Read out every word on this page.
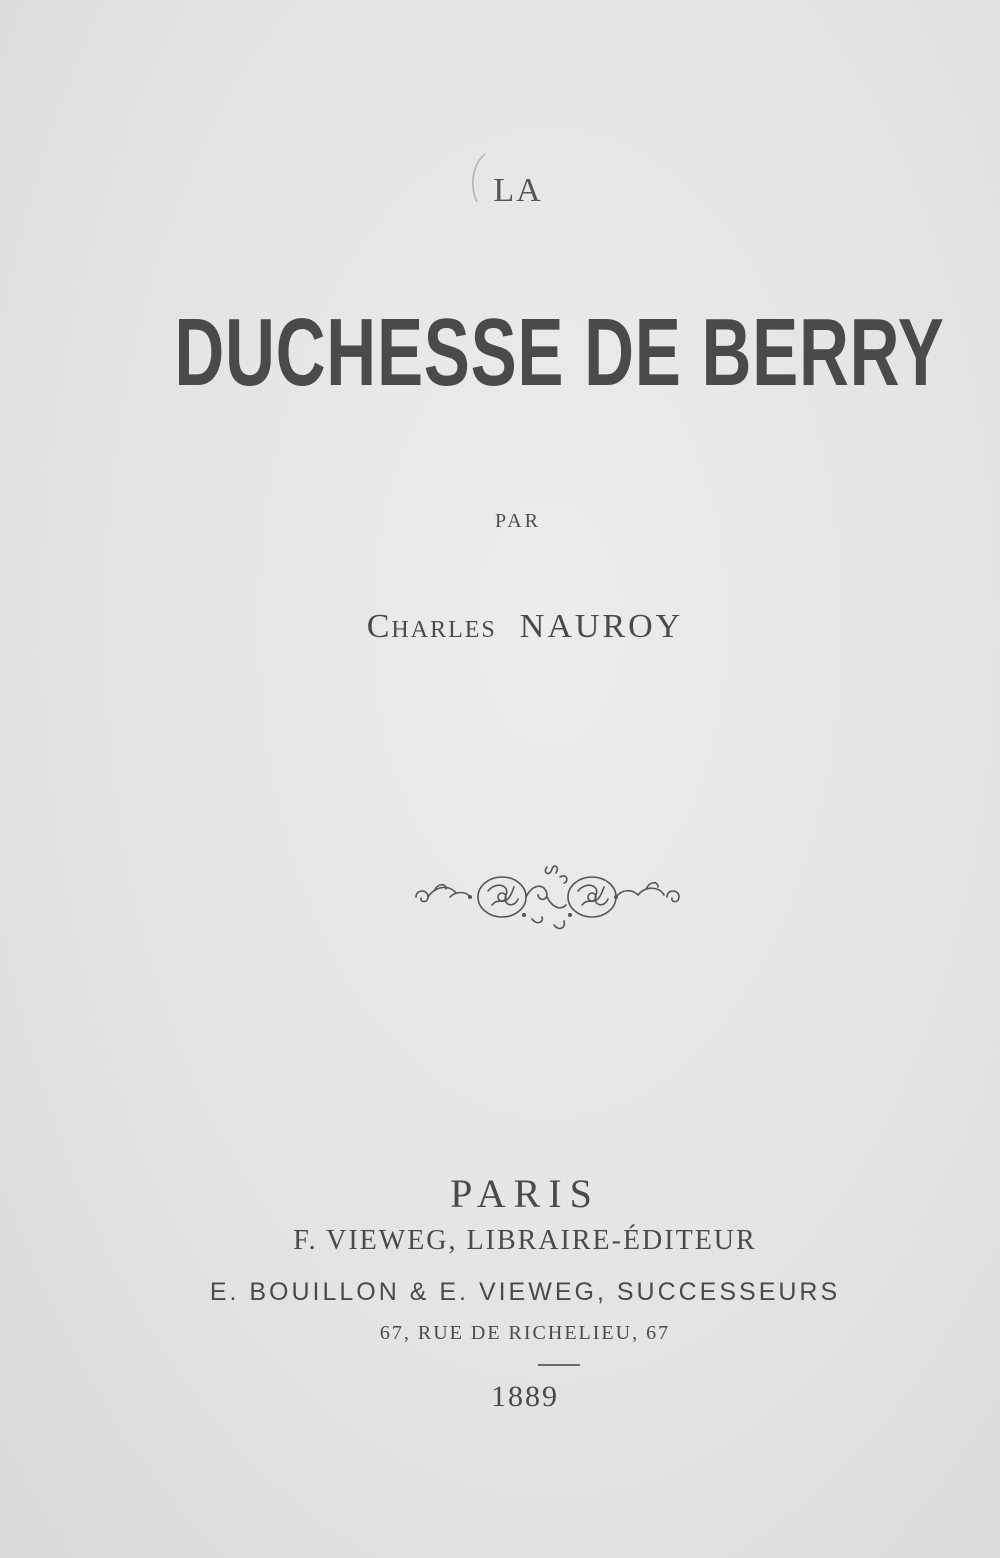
LA
DUCHESSE DE BERRY
PAR
Charles NAUROY
PARIS
F. VIEWEG, LIBRAIRE-ÉDITEUR
E. BOUILLON & E. VIEWEG, SUCCESSEURS
67, RUE DE RICHELIEU, 67
1889
